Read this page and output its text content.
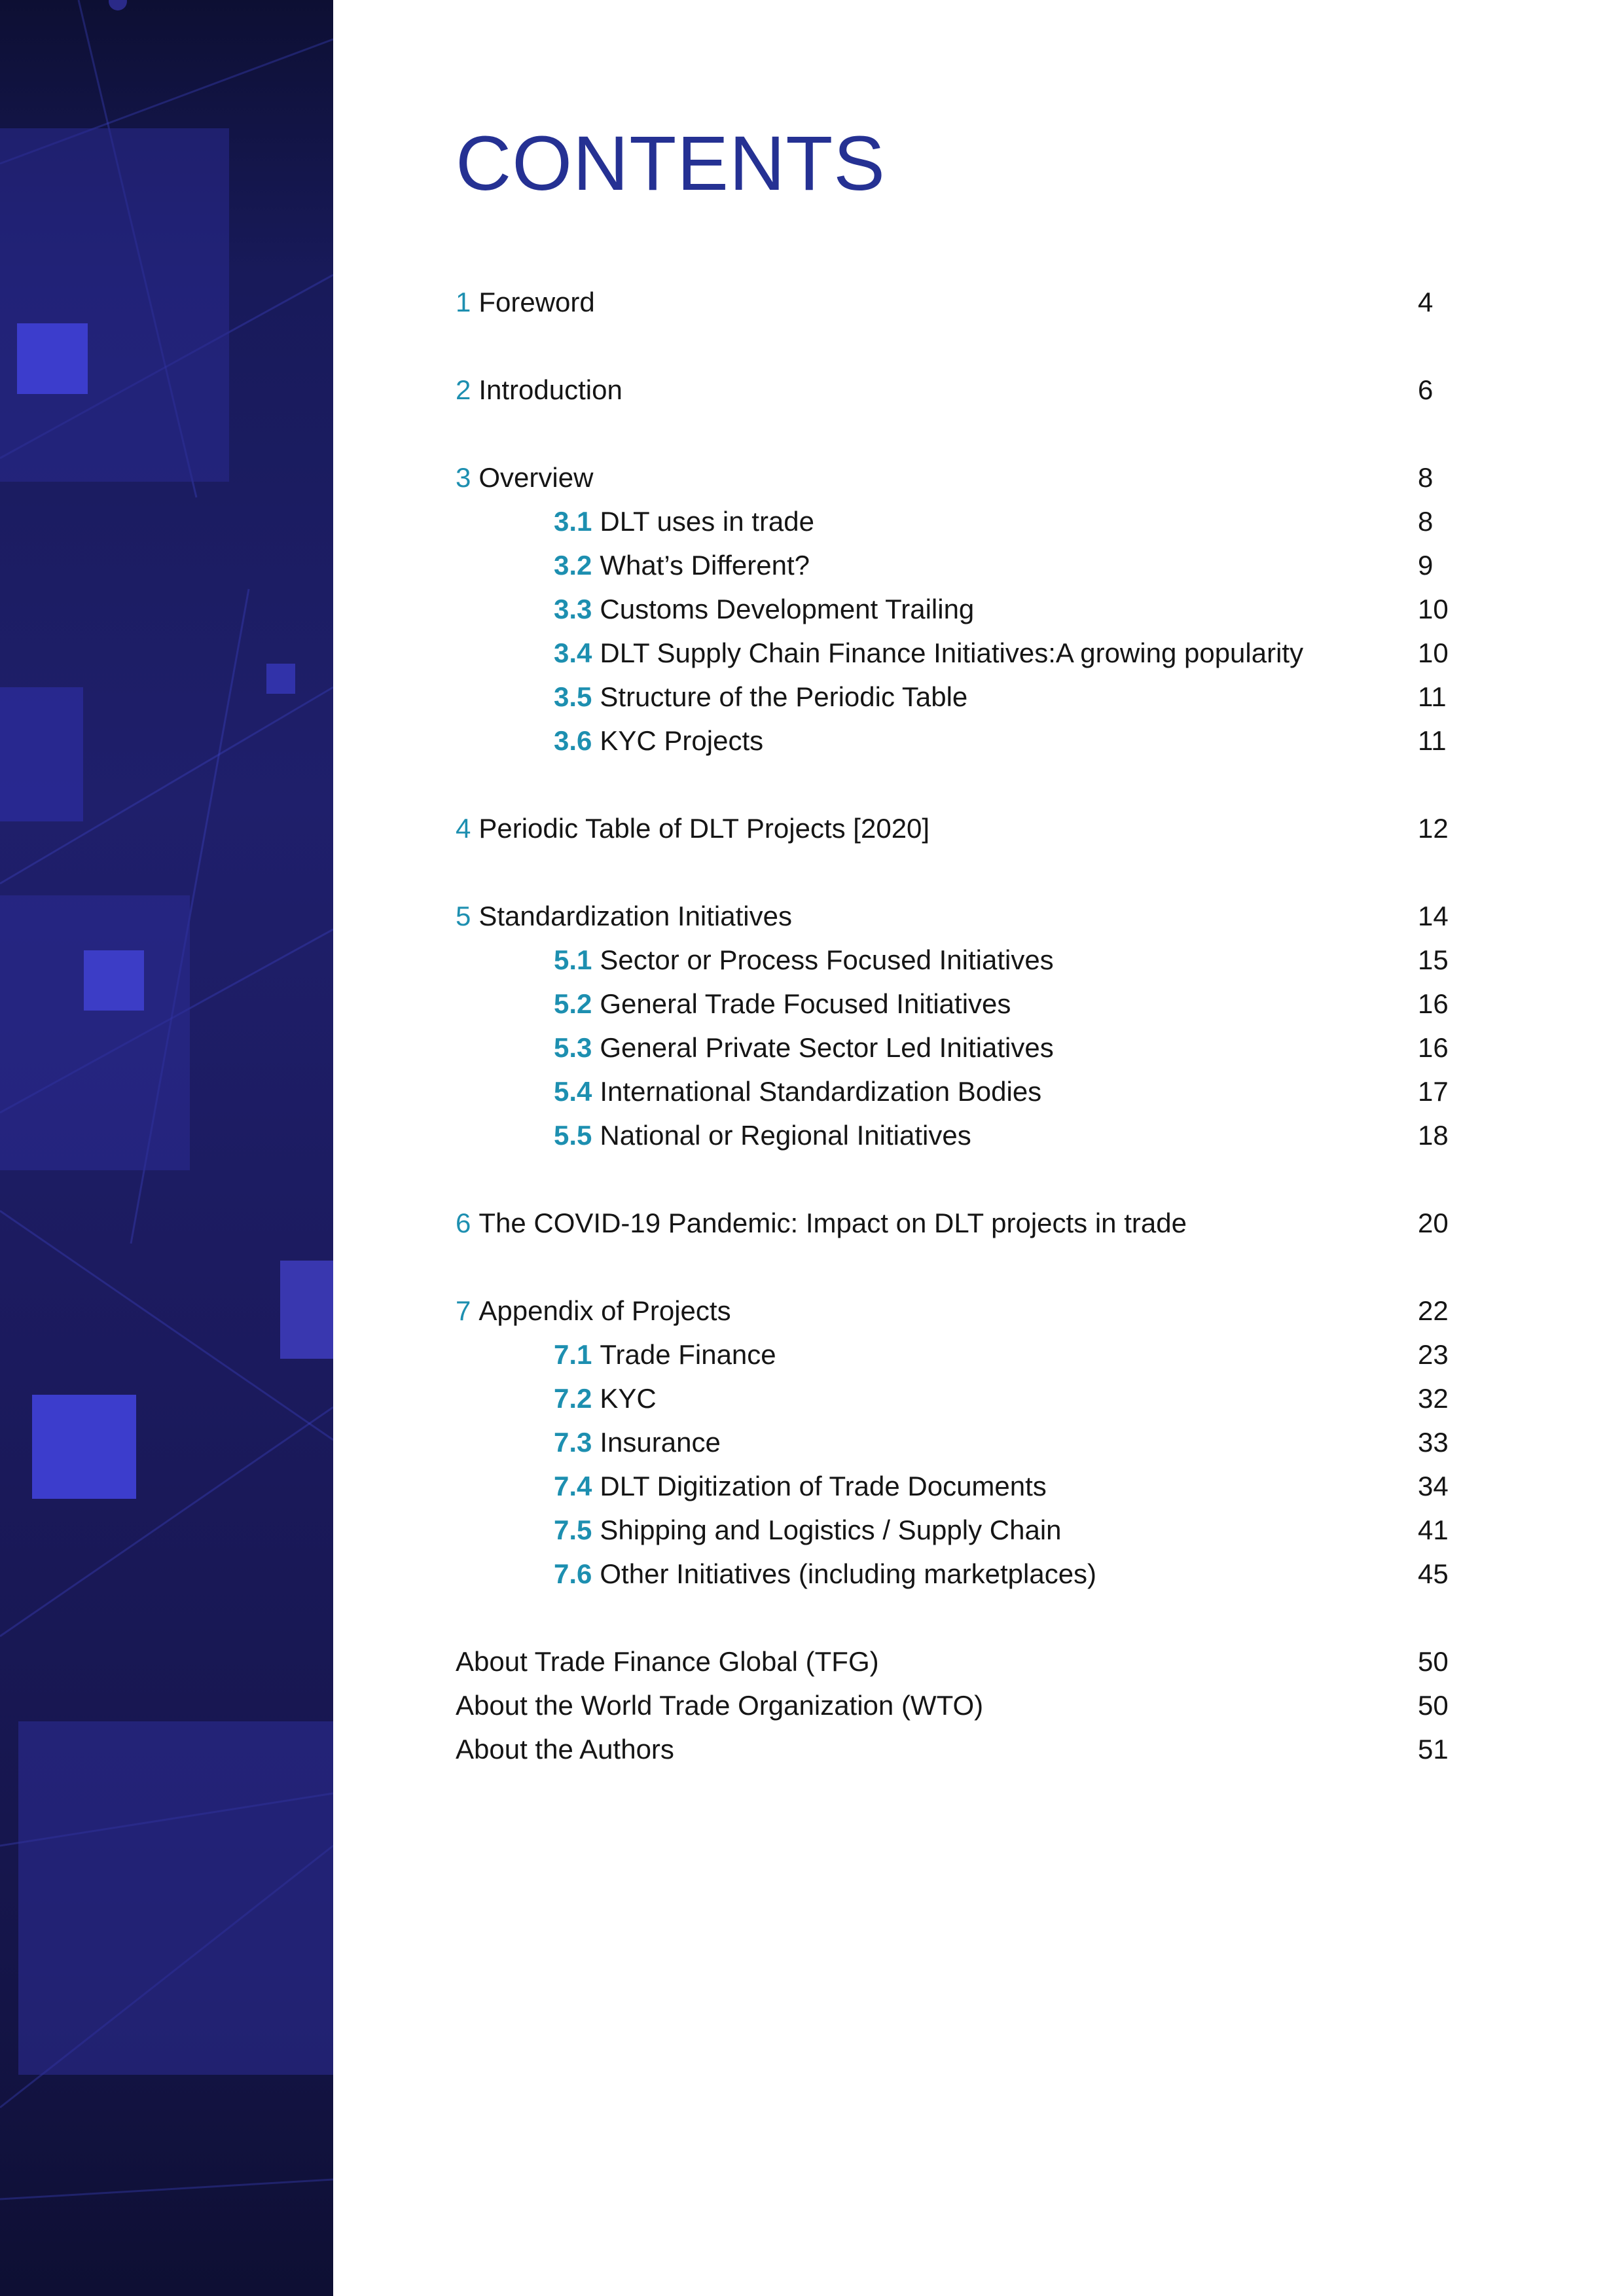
CONTENTS
1 Foreword	4
2 Introduction	6
3 Overview	8
3.1 DLT uses in trade	8
3.2 What’s Different?	9
3.3 Customs Development Trailing	10
3.4 DLT Supply Chain Finance Initiatives:A growing popularity	10
3.5 Structure of the Periodic Table	11
3.6 KYC Projects	11
4 Periodic Table of DLT Projects [2020]	12
5 Standardization Initiatives	14
5.1 Sector or Process Focused Initiatives	15
5.2 General Trade Focused Initiatives	16
5.3 General Private Sector Led Initiatives	16
5.4 International Standardization Bodies	17
5.5 National or Regional Initiatives	18
6 The COVID-19 Pandemic: Impact on DLT projects in trade	20
7 Appendix of Projects	22
7.1 Trade Finance	23
7.2 KYC	32
7.3 Insurance	33
7.4 DLT Digitization of Trade Documents	34
7.5 Shipping and Logistics / Supply Chain	41
7.6 Other Initiatives (including marketplaces)	45
About Trade Finance Global (TFG)	50
About the World Trade Organization (WTO)	50
About the Authors	51
